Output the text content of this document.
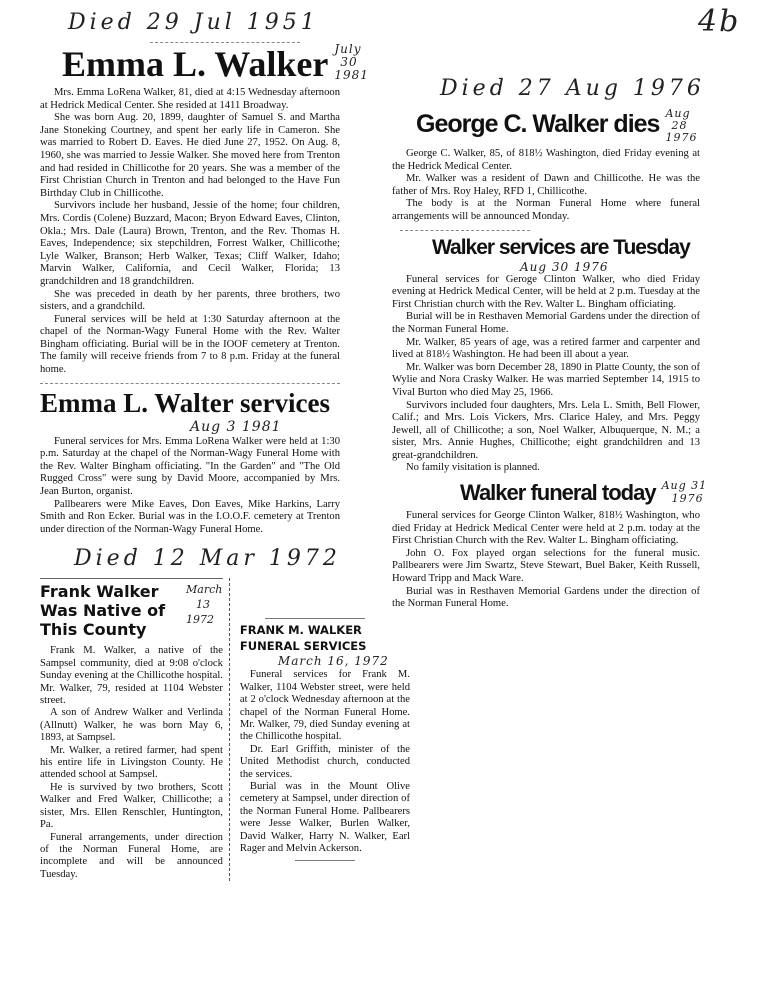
4b
Died 29 Jul 1951
Emma L. Walker July
30
1981

Mrs. Emma LoRena Walker, 81, died at 4:15 Wednesday afternoon at Hedrick Medical Center. She resided at 1411 Broadway.

She was born Aug. 20, 1899, daughter of Samuel S. and Martha Jane Stoneking Courtney, and spent her early life in Cameron. She was married to Robert D. Eaves. He died June 27, 1952. On Aug. 8, 1960, she was married to Jessie Walker. She moved here from Trenton and had resided in Chillicothe for 20 years. She was a member of the First Christian Church in Trenton and had belonged to the Have Fun Birthday Club in Chillicothe.

Survivors include her husband, Jessie of the home; four children, Mrs. Cordis (Colene) Buzzard, Macon; Bryon Edward Eaves, Clinton, Okla.; Mrs. Dale (Laura) Brown, Trenton, and the Rev. Thomas H. Eaves, Independence; six stepchildren, Forrest Walker, Chillicothe; Lyle Walker, Branson; Herb Walker, Texas; Cliff Walker, Idaho; Marvin Walker, California, and Cecil Walker, Florida; 13 grandchildren and 18 grandchildren.

She was preceded in death by her parents, three brothers, two sisters, and a grandchild.

Funeral services will be held at 1:30 Saturday afternoon at the chapel of the Norman-Wagy Funeral Home with the Rev. Walter Bingham officiating. Burial will be in the IOOF cemetery at Trenton. The family will receive friends from 7 to 8 p.m. Friday at the funeral home.

Emma L. Walter services
Aug 3 1981

Funeral services for Mrs. Emma LoRena Walker were held at 1:30 p.m. Saturday at the chapel of the Norman-Wagy Funeral Home with the Rev. Walter Bingham officiating. "In the Garden" and "The Old Rugged Cross" were sung by David Moore, accompanied by Mrs. Jean Burton, organist.

Pallbearers were Mike Eaves, Don Eaves, Mike Harkins, Larry Smith and Ron Ecker. Burial was in the I.O.O.F. cemetery at Trenton under direction of the Norman-Wagy Funeral Home.

Died 12 Mar 1972
Frank Walker Was Native of This County
March
13
1972

Frank M. Walker, a native of the Sampsel community, died at 9:08 o'clock Sunday evening at the Chillicothe hospital. Mr. Walker, 79, resided at 1104 Webster street.

A son of Andrew Walker and Verlinda (Allnutt) Walker, he was born May 6, 1893, at Sampsel.

Mr. Walker, a retired farmer, had spent his entire life in Livingston County. He attended school at Sampsel.

He is survived by two brothers, Scott Walker and Fred Walker, Chillicothe; a sister, Mrs. Ellen Renschler, Huntington, Pa.

Funeral arrangements, under direction of the Norman Funeral Home, are incomplete and will be announced Tuesday.

FRANK M. WALKER FUNERAL SERVICES
March 16, 1972

Funeral services for Frank M. Walker, 1104 Webster street, were held at 2 o'clock Wednesday afternoon at the chapel of the Norman Funeral Home. Mr. Walker, 79, died Sunday evening at the Chillicothe hospital.

Dr. Earl Griffith, minister of the United Methodist church, conducted the services.

Burial was in the Mount Olive cemetery at Sampsel, under direction of the Norman Funeral Home. Pallbearers were Jesse Walker, Burlen Walker, David Walker, Harry N. Walker, Earl Rager and Melvin Ackerson.

Died 27 Aug 1976
George C. Walker dies Aug
28
1976

George C. Walker, 85, of 818½ Washington, died Friday evening at the Hedrick Medical Center.

Mr. Walker was a resident of Dawn and Chillicothe. He was the father of Mrs. Roy Haley, RFD 1, Chillicothe.

The body is at the Norman Funeral Home where funeral arrangements will be announced Monday.

Walker services are Tuesday
Aug 30 1976

Funeral services for Geroge Clinton Walker, who died Friday evening at Hedrick Medical Center, will be held at 2 p.m. Tuesday at the First Christian church with the Rev. Walter L. Bingham officiating.

Burial will be in Resthaven Memorial Gardens under the direction of the Norman Funeral Home.

Mr. Walker, 85 years of age, was a retired farmer and carpenter and lived at 818½ Washington. He had been ill about a year.

Mr. Walker was born December 28, 1890 in Platte County, the son of Wylie and Nora Crasky Walker. He was married September 14, 1915 to Vival Burton who died May 25, 1966.

Survivors included four daughters, Mrs. Lela L. Smith, Bell Flower, Calif.; and Mrs. Lois Vickers, Mrs. Clarice Haley, and Mrs. Peggy Jewell, all of Chillicothe; a son, Noel Walker, Albuquerque, N. M.; a sister, Mrs. Annie Hughes, Chillicothe; eight grandchildren and 13 great-grandchildren.

No family visitation is planned.

Walker funeral today Aug 31
1976

Funeral services for George Clinton Walker, 818½ Washington, who died Friday at Hedrick Medical Center were held at 2 p.m. today at the First Christian Church with the Rev. Walter L. Bingham officiating.

John O. Fox played organ selections for the funeral music. Pallbearers were Jim Swartz, Steve Stewart, Buel Baker, Keith Russell, Howard Tripp and Mack Ware.

Burial was in Resthaven Memorial Gardens under the direction of the Norman Funeral Home.
